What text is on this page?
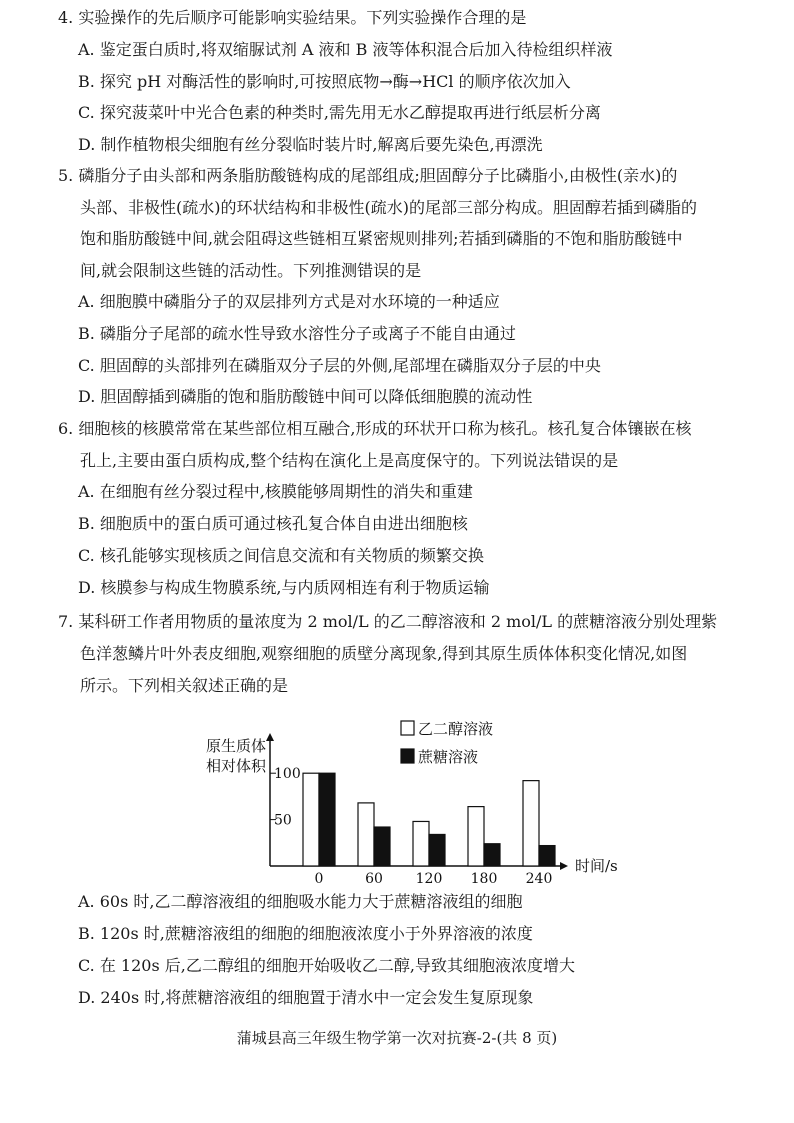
4. 实验操作的先后顺序可能影响实验结果。下列实验操作合理的是
A. 鉴定蛋白质时,将双缩脲试剂 A 液和 B 液等体积混合后加入待检组织样液
B. 探究 pH 对酶活性的影响时,可按照底物→酶→HCl 的顺序依次加入
C. 探究菠菜叶中光合色素的种类时,需先用无水乙醇提取再进行纸层析分离
D. 制作植物根尖细胞有丝分裂临时装片时,解离后要先染色,再漂洗
5. 磷脂分子由头部和两条脂肪酸链构成的尾部组成;胆固醇分子比磷脂小,由极性(亲水)的
头部、非极性(疏水)的环状结构和非极性(疏水)的尾部三部分构成。胆固醇若插到磷脂的
饱和脂肪酸链中间,就会阻碍这些链相互紧密规则排列;若插到磷脂的不饱和脂肪酸链中
间,就会限制这些链的活动性。下列推测错误的是
A. 细胞膜中磷脂分子的双层排列方式是对水环境的一种适应
B. 磷脂分子尾部的疏水性导致水溶性分子或离子不能自由通过
C. 胆固醇的头部排列在磷脂双分子层的外侧,尾部埋在磷脂双分子层的中央
D. 胆固醇插到磷脂的饱和脂肪酸链中间可以降低细胞膜的流动性
6. 细胞核的核膜常常在某些部位相互融合,形成的环状开口称为核孔。核孔复合体镶嵌在核
孔上,主要由蛋白质构成,整个结构在演化上是高度保守的。下列说法错误的是
A. 在细胞有丝分裂过程中,核膜能够周期性的消失和重建
B. 细胞质中的蛋白质可通过核孔复合体自由进出细胞核
C. 核孔能够实现核质之间信息交流和有关物质的频繁交换
D. 核膜参与构成生物膜系统,与内质网相连有利于物质运输
7. 某科研工作者用物质的量浓度为 2 mol/L 的乙二醇溶液和 2 mol/L 的蔗糖溶液分别处理紫
色洋葱鳞片叶外表皮细胞,观察细胞的质壁分离现象,得到其原生质体体积变化情况,如图
所示。下列相关叙述正确的是
100
50
原生质体
相对体积
0	60 120 180 240
时间/s
乙二醇溶液
蔗糖溶液
A. 60s 时,乙二醇溶液组的细胞吸水能力大于蔗糖溶液组的细胞
B. 120s 时,蔗糖溶液组的细胞的细胞液浓度小于外界溶液的浓度
C. 在 120s 后,乙二醇组的细胞开始吸收乙二醇,导致其细胞液浓度增大
D. 240s 时,将蔗糖溶液组的细胞置于清水中一定会发生复原现象
蒲城县高三年级生物学第一次对抗赛-2-(共 8 页)
